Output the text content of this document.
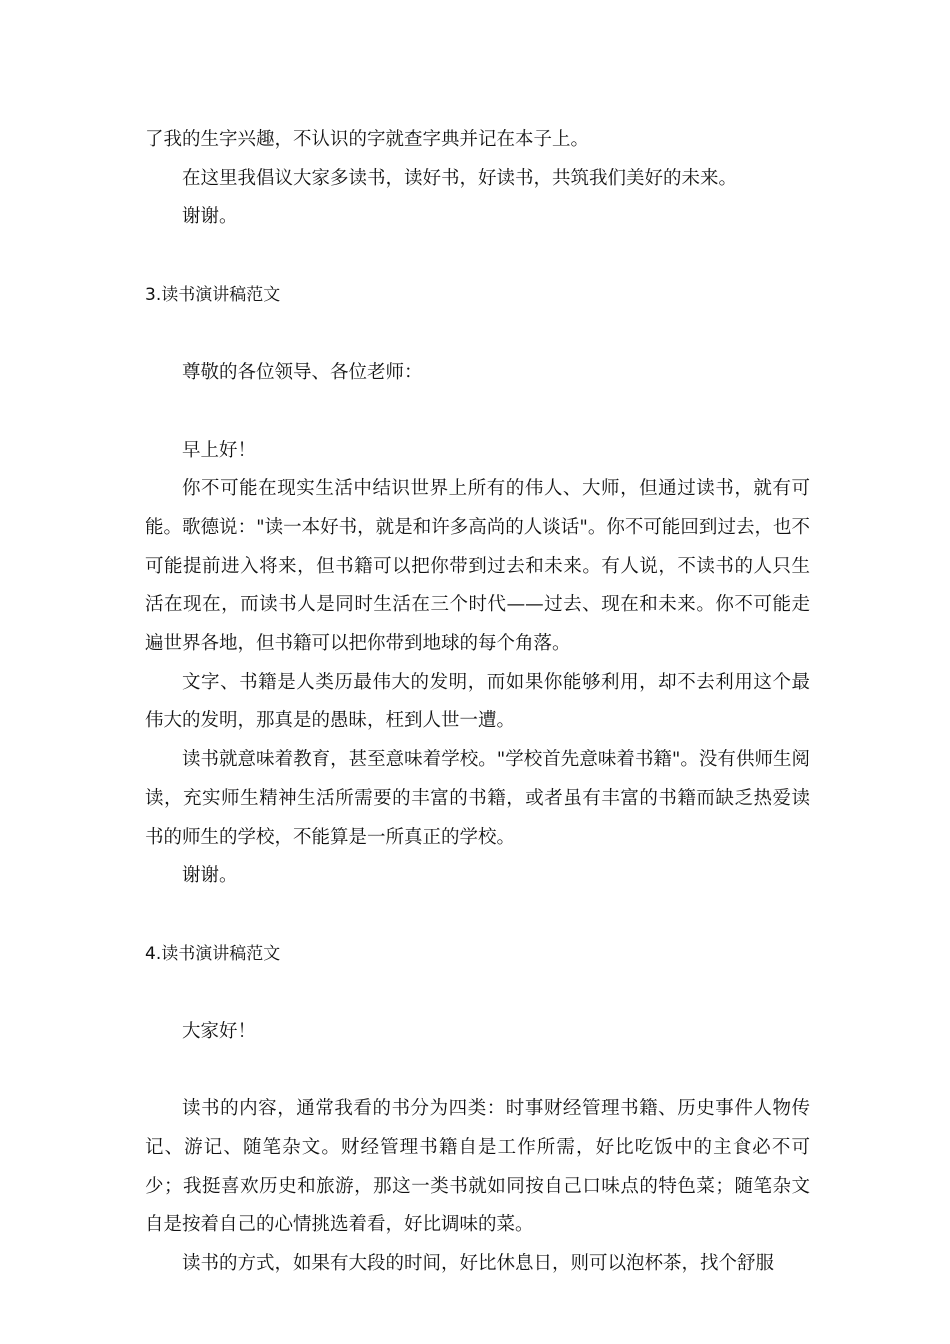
了我的生字兴趣，不认识的字就查字典并记在本子上。

在这里我倡议大家多读书，读好书，好读书，共筑我们美好的未来。

谢谢。

3.读书演讲稿范文

尊敬的各位领导、各位老师：

早上好！

你不可能在现实生活中结识世界上所有的伟人、大师，但通过读书，就有可能。歌德说："读一本好书，就是和许多高尚的人谈话"。你不可能回到过去，也不可能提前进入将来，但书籍可以把你带到过去和未来。有人说，不读书的人只生活在现在，而读书人是同时生活在三个时代——过去、现在和未来。你不可能走遍世界各地，但书籍可以把你带到地球的每个角落。

文字、书籍是人类历最伟大的发明，而如果你能够利用，却不去利用这个最伟大的发明，那真是的愚昧，枉到人世一遭。

读书就意味着教育，甚至意味着学校。"学校首先意味着书籍"。没有供师生阅读，充实师生精神生活所需要的丰富的书籍，或者虽有丰富的书籍而缺乏热爱读书的师生的学校，不能算是一所真正的学校。

谢谢。

4.读书演讲稿范文

大家好！

读书的内容，通常我看的书分为四类：时事财经管理书籍、历史事件人物传记、游记、随笔杂文。财经管理书籍自是工作所需，好比吃饭中的主食必不可少；我挺喜欢历史和旅游，那这一类书就如同按自己口味点的特色菜；随笔杂文自是按着自己的心情挑选着看，好比调味的菜。

读书的方式，如果有大段的时间，好比休息日，则可以泡杯茶，找个舒服
